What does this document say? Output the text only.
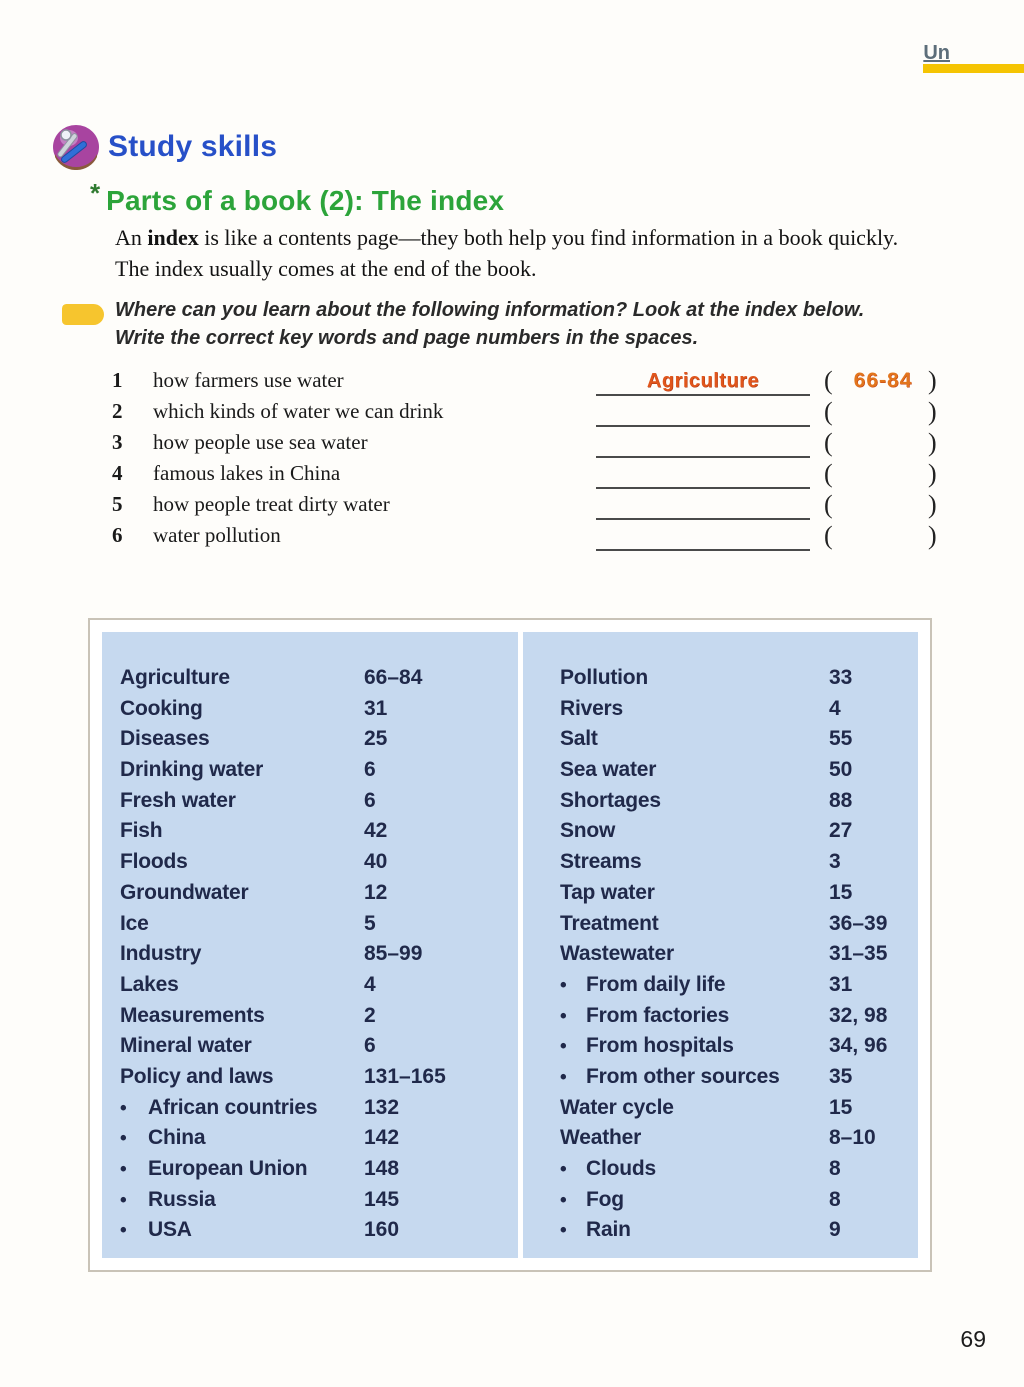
Un
Study skills
* Parts of a book (2): The index

An index is like a contents page—they both help you find information in a book quickly. The index usually comes at the end of the book.

Where can you learn about the following information? Look at the index below. Write the correct key words and page numbers in the spaces.

1 how farmers use water	Agriculture	( 66-84 )
2 which kinds of water we can drink	(	)
3 how people use sea water	(	)
4 famous lakes in China	(	)
5 how people treat dirty water	(	)
6 water pollution	(	)
Agriculture	66–84
Cooking	31
Diseases	25
Drinking water	6
Fresh water	6
Fish	42
Floods	40
Groundwater	12
Ice	5
Industry	85–99
Lakes	4
Measurements	2
Mineral water	6
Policy and laws	131–165
• African countries	132
• China	142
• European Union	148
• Russia	145
• USA	160
Pollution	33
Rivers	4
Salt	55
Sea water	50
Shortages	88
Snow	27
Streams	3
Tap water	15
Treatment	36–39
Wastewater	31–35
• From daily life	31
• From factories	32, 98
• From hospitals	34, 96
• From other sources	35
Water cycle	15
Weather	8–10
• Clouds	8
• Fog	8
• Rain	9
69
